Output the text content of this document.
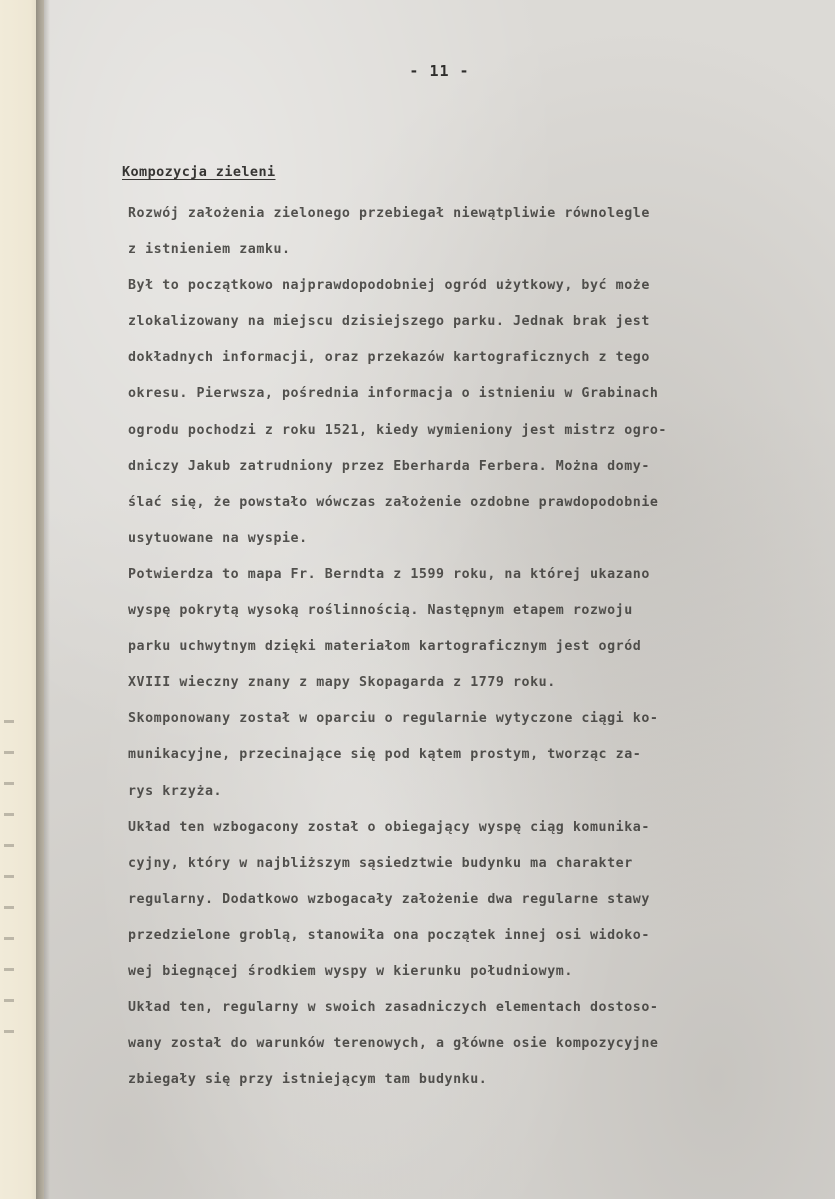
- 11 -
Kompozycja zieleni
Rozwój założenia zielonego przebiegał niewątpliwie równolegle
z istnieniem zamku.
Był to początkowo najprawdopodobniej ogród użytkowy, być może
zlokalizowany na miejscu dzisiejszego parku. Jednak brak jest
dokładnych informacji, oraz przekazów kartograficznych z tego
okresu. Pierwsza, pośrednia informacja o istnieniu w Grabinach
ogrodu pochodzi z roku 1521, kiedy wymieniony jest mistrz ogro-
dniczy Jakub zatrudniony przez Eberharda Ferbera. Można domy-
ślać się, że powstało wówczas założenie ozdobne prawdopodobnie
usytuowane na wyspie.
Potwierdza to mapa Fr. Berndta z 1599 roku, na której ukazano
wyspę pokrytą wysoką roślinnością. Następnym etapem rozwoju
parku uchwytnym dzięki materiałom kartograficznym jest ogród
XVIII wieczny znany z mapy Skopagarda z 1779 roku.
Skomponowany został w oparciu o regularnie wytyczone ciągi ko-
munikacyjne, przecinające się pod kątem prostym, tworząc za-
rys krzyża.
Układ ten wzbogacony został o obiegający wyspę ciąg komunika-
cyjny, który w najbliższym sąsiedztwie budynku ma charakter
regularny. Dodatkowo wzbogacały założenie dwa regularne stawy
przedzielone groblą, stanowiła ona początek innej osi widoko-
wej biegnącej środkiem wyspy w kierunku południowym.
Układ ten, regularny w swoich zasadniczych elementach dostoso-
wany został do warunków terenowych, a główne osie kompozycyjne
zbiegały się przy istniejącym tam budynku.
